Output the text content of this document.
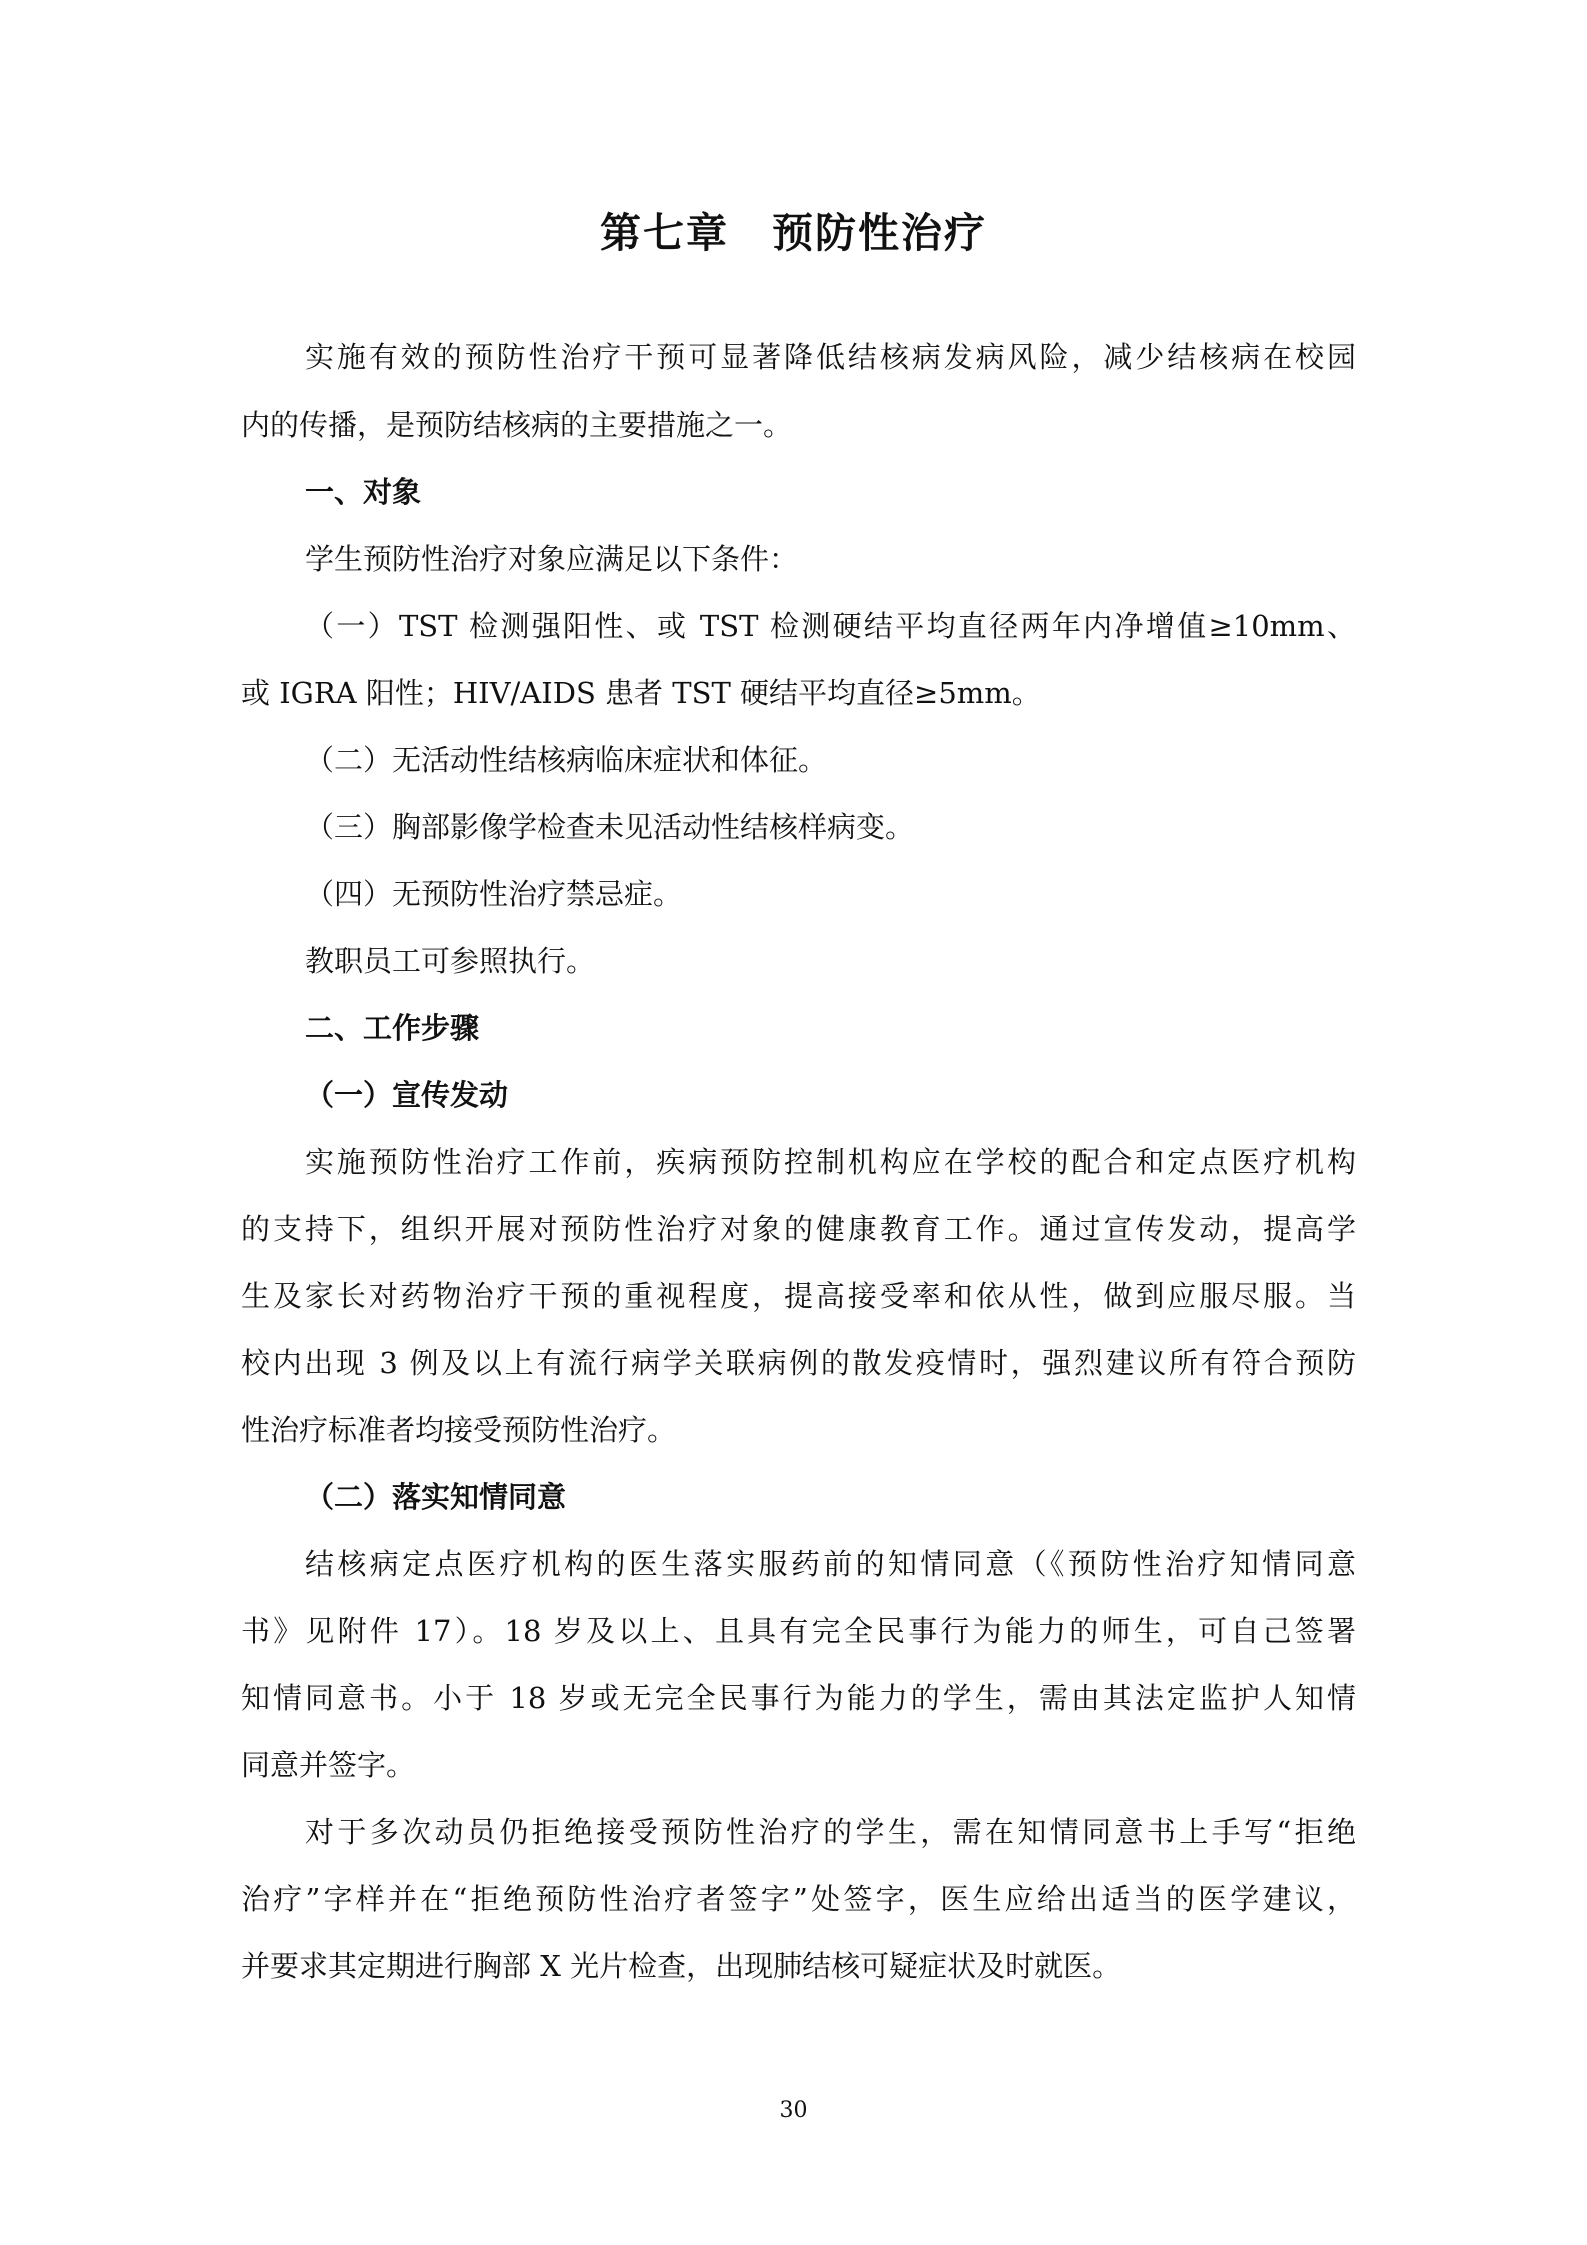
第七章　预防性治疗
实施有效的预防性治疗干预可显著降低结核病发病风险，减少结核病在校园
内的传播，是预防结核病的主要措施之一。
一、对象
学生预防性治疗对象应满足以下条件：
（一）TST 检测强阳性、或 TST 检测硬结平均直径两年内净增值≥10mm、
或 IGRA 阳性；HIV/AIDS 患者 TST 硬结平均直径≥5mm。
（二）无活动性结核病临床症状和体征。
（三）胸部影像学检查未见活动性结核样病变。
（四）无预防性治疗禁忌症。
教职员工可参照执行。
二、工作步骤
（一）宣传发动
实施预防性治疗工作前，疾病预防控制机构应在学校的配合和定点医疗机构
的支持下，组织开展对预防性治疗对象的健康教育工作。通过宣传发动，提高学
生及家长对药物治疗干预的重视程度，提高接受率和依从性，做到应服尽服。当
校内出现 3 例及以上有流行病学关联病例的散发疫情时，强烈建议所有符合预防
性治疗标准者均接受预防性治疗。
（二）落实知情同意
结核病定点医疗机构的医生落实服药前的知情同意（《预防性治疗知情同意
书》见附件 17）。18 岁及以上、且具有完全民事行为能力的师生，可自己签署
知情同意书。小于 18 岁或无完全民事行为能力的学生，需由其法定监护人知情
同意并签字。
对于多次动员仍拒绝接受预防性治疗的学生，需在知情同意书上手写“拒绝
治疗”字样并在“拒绝预防性治疗者签字”处签字，医生应给出适当的医学建议，
并要求其定期进行胸部 X 光片检查，出现肺结核可疑症状及时就医。
30
